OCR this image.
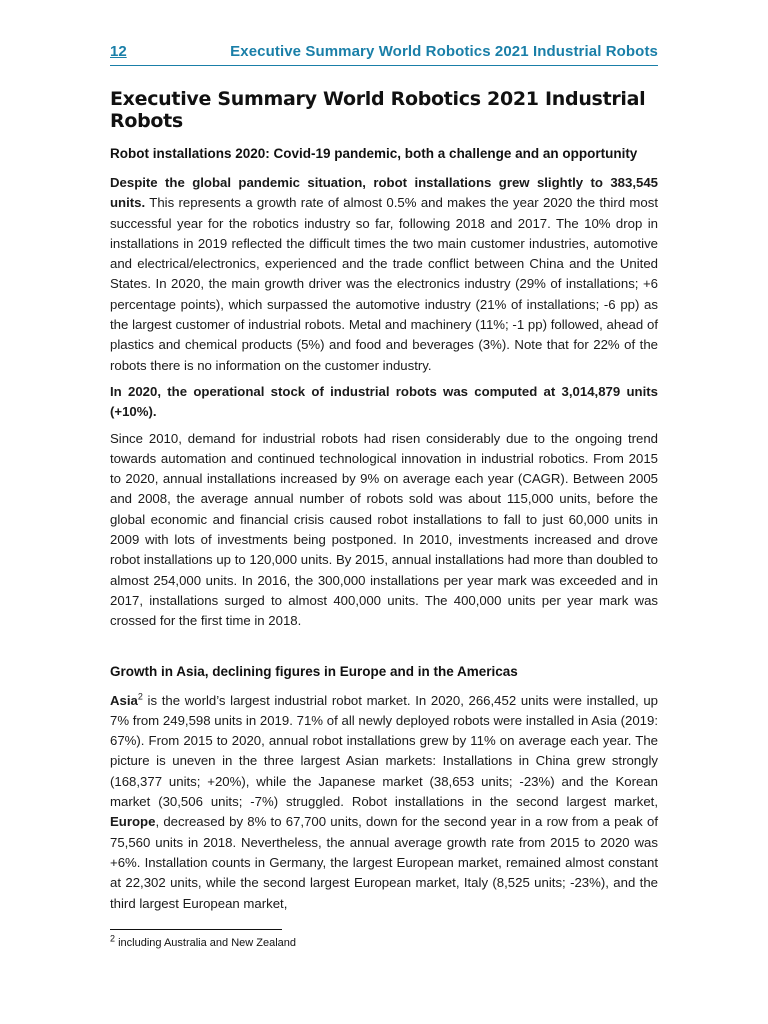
12	Executive Summary World Robotics 2021 Industrial Robots
Executive Summary World Robotics 2021 Industrial Robots
Robot installations 2020: Covid-19 pandemic, both a challenge and an opportunity

Despite the global pandemic situation, robot installations grew slightly to 383,545 units. This represents a growth rate of almost 0.5% and makes the year 2020 the third most successful year for the robotics industry so far, following 2018 and 2017. The 10% drop in installations in 2019 reflected the difficult times the two main customer industries, automotive and electrical/electronics, experienced and the trade conflict between China and the United States. In 2020, the main growth driver was the electronics industry (29% of installations; +6 percentage points), which surpassed the automotive industry (21% of installations; -6 pp) as the largest customer of industrial robots. Metal and machinery (11%; -1 pp) followed, ahead of plastics and chemical products (5%) and food and beverages (3%). Note that for 22% of the robots there is no information on the customer industry.

In 2020, the operational stock of industrial robots was computed at 3,014,879 units (+10%).

Since 2010, demand for industrial robots had risen considerably due to the ongoing trend towards automation and continued technological innovation in industrial robotics. From 2015 to 2020, annual installations increased by 9% on average each year (CAGR). Between 2005 and 2008, the average annual number of robots sold was about 115,000 units, before the global economic and financial crisis caused robot installations to fall to just 60,000 units in 2009 with lots of investments being postponed. In 2010, investments increased and drove robot installations up to 120,000 units. By 2015, annual installations had more than doubled to almost 254,000 units. In 2016, the 300,000 installations per year mark was exceeded and in 2017, installations surged to almost 400,000 units. The 400,000 units per year mark was crossed for the first time in 2018.

Growth in Asia, declining figures in Europe and in the Americas

Asia$^2$ is the world’s largest industrial robot market. In 2020, 266,452 units were installed, up 7% from 249,598 units in 2019. 71% of all newly deployed robots were installed in Asia (2019: 67%). From 2015 to 2020, annual robot installations grew by 11% on average each year. The picture is uneven in the three largest Asian markets: Installations in China grew strongly (168,377 units; +20%), while the Japanese market (38,653 units; -23%) and the Korean market (30,506 units; -7%) struggled. Robot installations in the second largest market, Europe, decreased by 8% to 67,700 units, down for the second year in a row from a peak of 75,560 units in 2018. Nevertheless, the annual average growth rate from 2015 to 2020 was +6%. Installation counts in Germany, the largest European market, remained almost constant at 22,302 units, while the second largest European market, Italy (8,525 units; -23%), and the third largest European market,

$^2$ including Australia and New Zealand
